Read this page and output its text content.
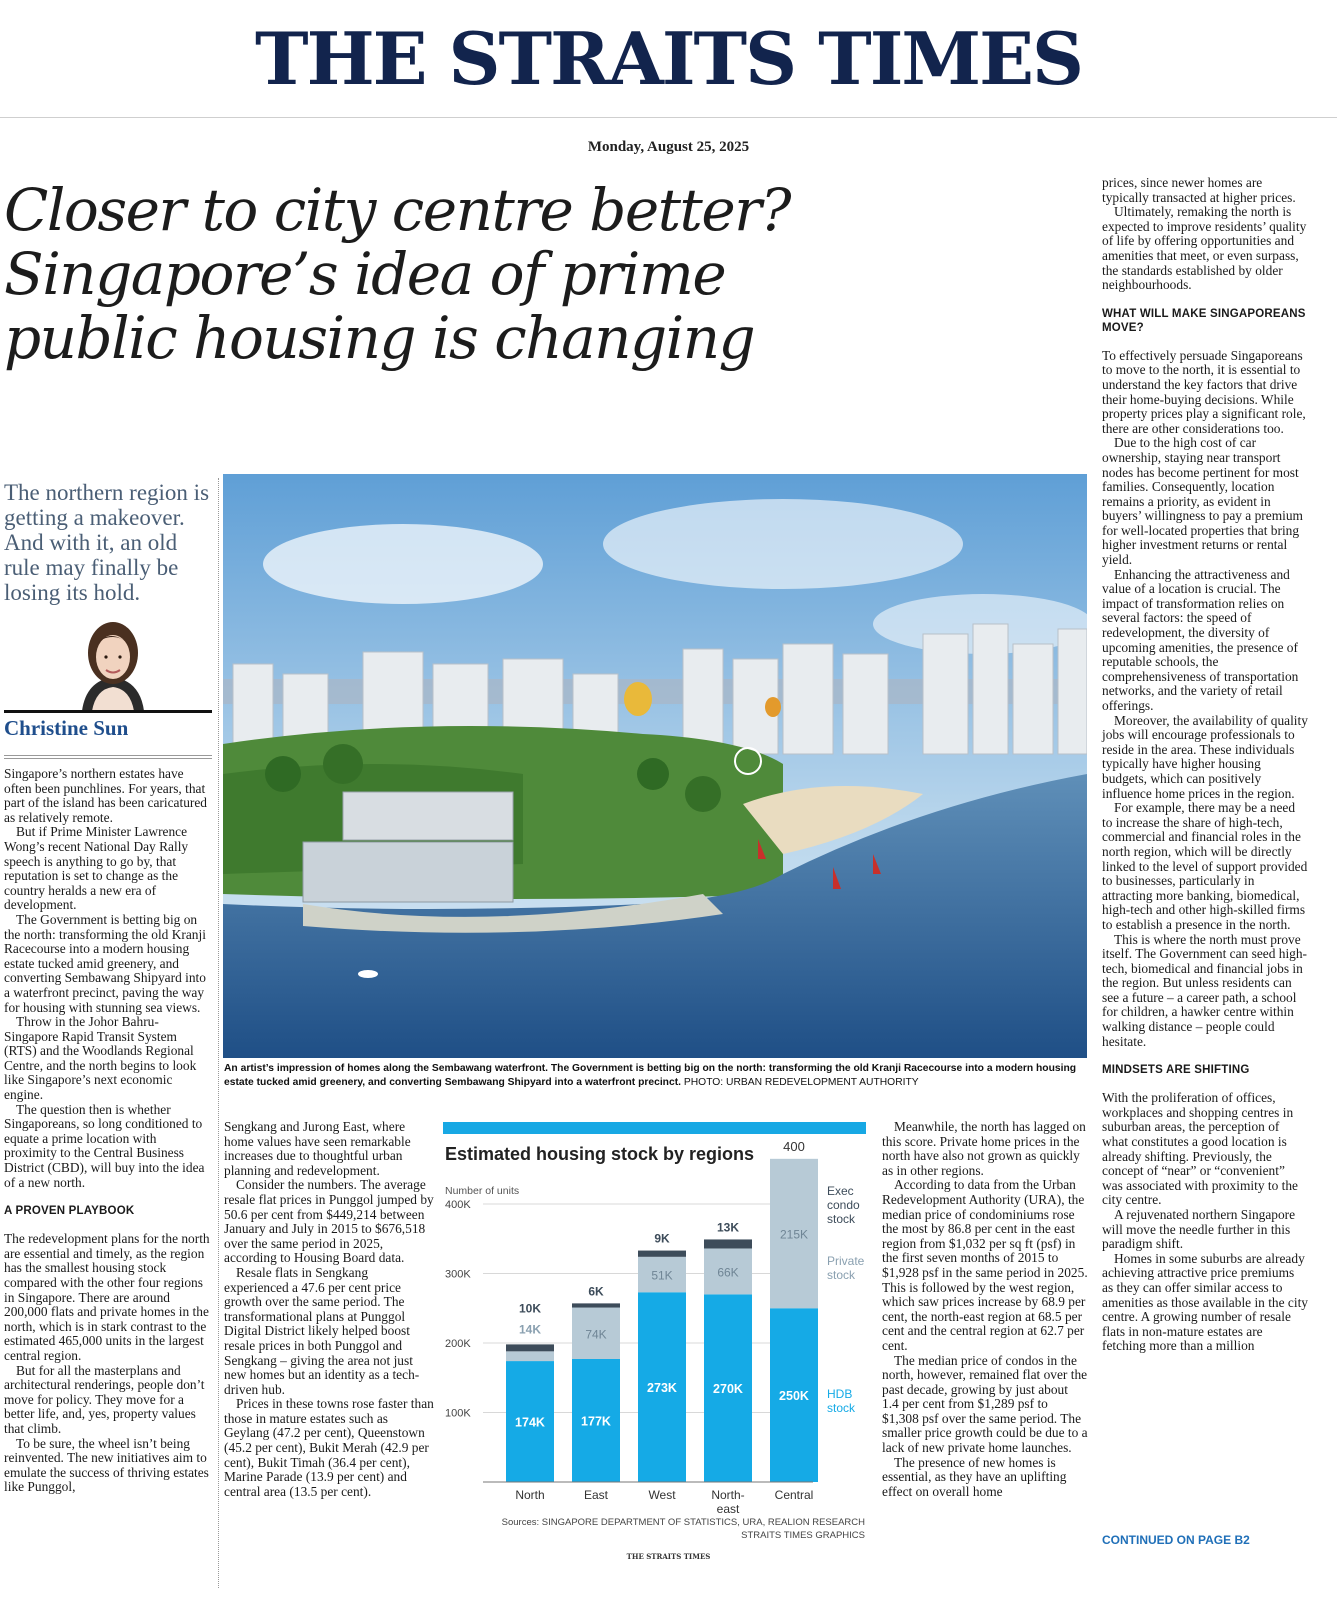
THE STRAITS TIMES
Monday, August 25, 2025
Closer to city centre better?
Singapore’s idea of prime
public housing is changing
The northern region is getting a makeover. And with it, an old rule may finally be losing its hold.
Christine Sun

Singapore’s northern estates have often been punchlines. For years, that part of the island has been caricatured as relatively remote.

But if Prime Minister Lawrence Wong’s recent National Day Rally speech is anything to go by, that reputation is set to change as the country heralds a new era of development.

The Government is betting big on the north: transforming the old Kranji Racecourse into a modern housing estate tucked amid greenery, and converting Sembawang Shipyard into a waterfront precinct, paving the way for housing with stunning sea views.

Throw in the Johor Bahru-Singapore Rapid Transit System (RTS) and the Woodlands Regional Centre, and the north begins to look like Singapore’s next economic engine.

The question then is whether Singaporeans, so long conditioned to equate a prime location with proximity to the Central Business District (CBD), will buy into the idea of a new north.

A PROVEN PLAYBOOK

The redevelopment plans for the north are essential and timely, as the region has the smallest housing stock compared with the other four regions in Singapore. There are around 200,000 flats and private homes in the north, which is in stark contrast to the estimated 465,000 units in the largest central region.

But for all the masterplans and architectural renderings, people don’t move for policy. They move for a better life, and, yes, property values that climb.

To be sure, the wheel isn’t being reinvented. The new initiatives aim to emulate the success of thriving estates like Punggol,

An artist’s impression of homes along the Sembawang waterfront. The Government is betting big on the north: transforming the old Kranji Racecourse into a modern housing estate tucked amid greenery, and converting Sembawang Shipyard into a waterfront precinct. PHOTO: URBAN REDEVELOPMENT AUTHORITY

Sengkang and Jurong East, where home values have seen remarkable increases due to thoughtful urban planning and redevelopment.

Consider the numbers. The average resale flat prices in Punggol jumped by 50.6 per cent from $449,214 between January and July in 2015 to $676,518 over the same period in 2025, according to Housing Board data.

Resale flats in Sengkang experienced a 47.6 per cent price growth over the same period. The transformational plans at Punggol Digital District likely helped boost resale prices in both Punggol and Sengkang – giving the area not just new homes but an identity as a tech-driven hub.

Prices in these towns rose faster than those in mature estates such as Geylang (47.2 per cent), Queenstown (45.2 per cent), Bukit Merah (42.9 per cent), Bukit Timah (36.4 per cent), Marine Parade (13.9 per cent) and central area (13.5 per cent).

Estimated housing stock by regions
Number of units
100K
200K
300K
400K
174K
14K
10K
North
177K
74K
6K
East
273K
51K
9K
West
270K
66K
13K
North-
east
250K
215K
400
Central
Exec
condo
stock
Private
stock
HDB
stock
Sources: SINGAPORE DEPARTMENT OF STATISTICS, URA, REALION RESEARCH
STRAITS TIMES GRAPHICS

Meanwhile, the north has lagged on this score. Private home prices in the north have also not grown as quickly as in other regions.

According to data from the Urban Redevelopment Authority (URA), the median price of condominiums rose the most by 86.8 per cent in the east region from $1,032 per sq ft (psf) in the first seven months of 2015 to $1,928 psf in the same period in 2025. This is followed by the west region, which saw prices increase by 68.9 per cent, the north-east region at 68.5 per cent and the central region at 62.7 per cent.

The median price of condos in the north, however, remained flat over the past decade, growing by just about 1.4 per cent from $1,289 psf to $1,308 psf over the same period. The smaller price growth could be due to a lack of new private home launches.

The presence of new homes is essential, as they have an uplifting effect on overall home

prices, since newer homes are typically transacted at higher prices.

Ultimately, remaking the north is expected to improve residents’ quality of life by offering opportunities and amenities that meet, or even surpass, the standards established by older neighbourhoods.

WHAT WILL MAKE SINGAPOREANS MOVE?

To effectively persuade Singaporeans to move to the north, it is essential to understand the key factors that drive their home-buying decisions. While property prices play a significant role, there are other considerations too.

Due to the high cost of car ownership, staying near transport nodes has become pertinent for most families. Consequently, location remains a priority, as evident in buyers’ willingness to pay a premium for well-located properties that bring higher investment returns or rental yield.

Enhancing the attractiveness and value of a location is crucial. The impact of transformation relies on several factors: the speed of redevelopment, the diversity of upcoming amenities, the presence of reputable schools, the comprehensiveness of transportation networks, and the variety of retail offerings.

Moreover, the availability of quality jobs will encourage professionals to reside in the area. These individuals typically have higher housing budgets, which can positively influence home prices in the region.

For example, there may be a need to increase the share of high-tech, commercial and financial roles in the north region, which will be directly linked to the level of support provided to businesses, particularly in attracting more banking, biomedical, high-tech and other high-skilled firms to establish a presence in the north.

This is where the north must prove itself. The Government can seed high-tech, biomedical and financial jobs in the region. But unless residents can see a future – a career path, a school for children, a hawker centre within walking distance – people could hesitate.

MINDSETS ARE SHIFTING

With the proliferation of offices, workplaces and shopping centres in suburban areas, the perception of what constitutes a good location is already shifting. Previously, the concept of “near” or “convenient” was associated with proximity to the city centre.

A rejuvenated northern Singapore will move the needle further in this paradigm shift.

Homes in some suburbs are already achieving attractive price premiums as they can offer similar access to amenities as those available in the city centre. A growing number of resale flats in non-mature estates are fetching more than a million

CONTINUED ON PAGE B2
THE STRAITS TIMES
